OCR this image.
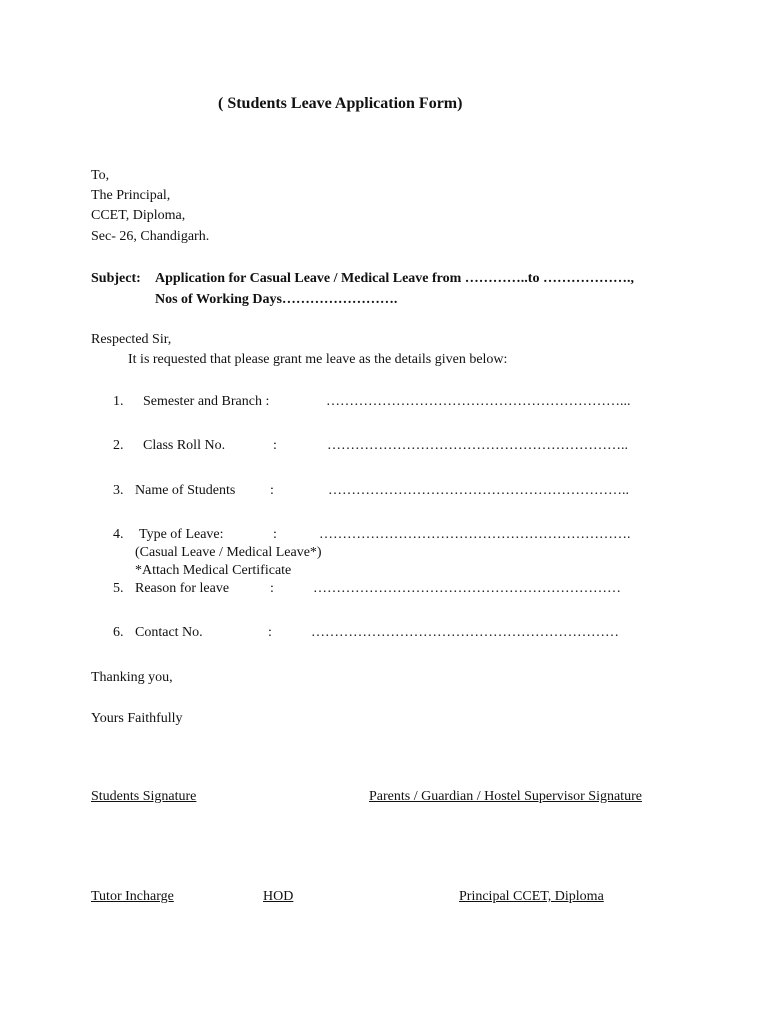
( Students Leave Application Form)
To,
The Principal,
CCET, Diploma,
Sec- 26, Chandigarh.
Subject: Application for Casual Leave / Medical Leave from …………..to ……………….,
Nos of Working Days…………………….
Respected Sir,
It is requested that please grant me leave as the details given below:
1. Semester and Branch :	………………………………………………………...
2. Class Roll No.	:	………………………………………………………..
3. Name of Students :	………………………………………………………..
4. Type of Leave:	:	………………………………………………………….
(Casual Leave / Medical Leave*)
*Attach Medical Certificate
5. Reason for leave	:	…………………………………………………………
6. Contact No.	:	…………………………………………………………
Thanking you,
Yours Faithfully
Students Signature	Parents / Guardian / Hostel Supervisor Signature
Tutor Incharge	HOD	Principal CCET, Diploma
